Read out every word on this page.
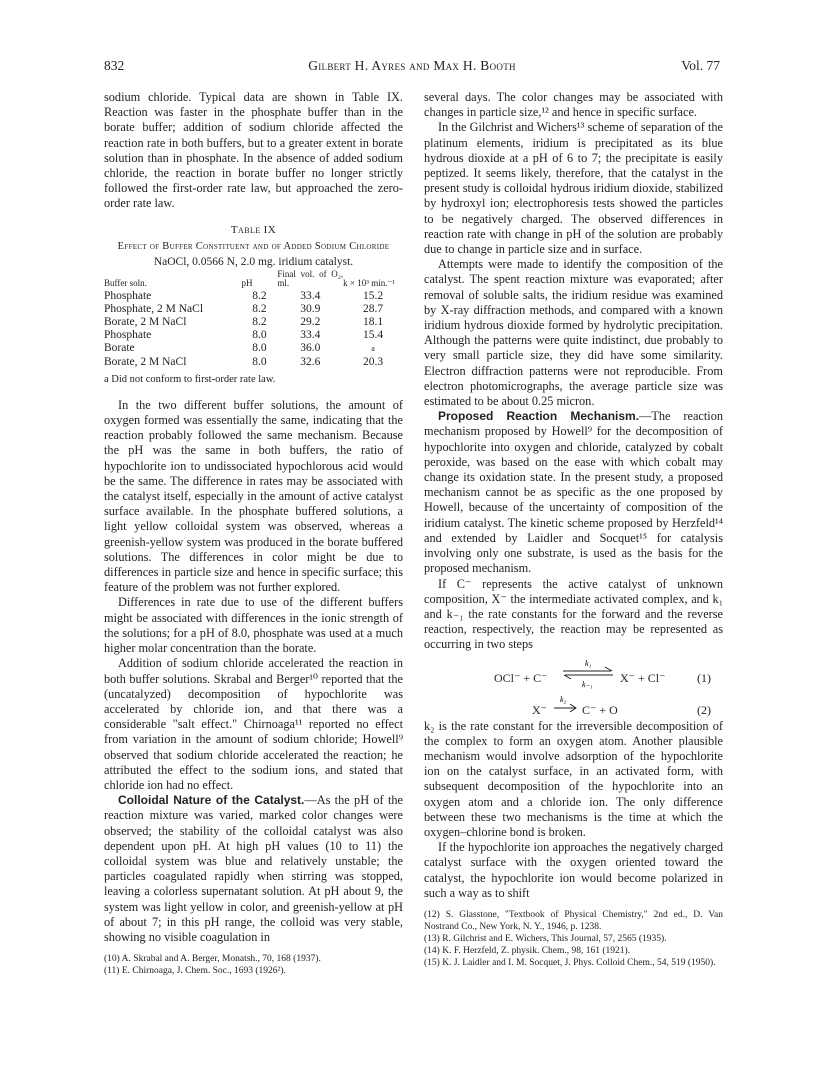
832	Gilbert H. Ayres and Max H. Booth	Vol. 77

sodium chloride. Typical data are shown in Table IX. Reaction was faster in the phosphate buffer than in the borate buffer; addition of sodium chloride affected the reaction rate in both buffers, but to a greater extent in borate solution than in phosphate. In the absence of added sodium chloride, the reaction in borate buffer no longer strictly followed the first-order rate law, but approached the zero-order rate law.

Table IX
Effect of Buffer Constituent and of Added Sodium Chloride
NaOCl, 0.0566 N, 2.0 mg. iridium catalyst.
Buffer soln.	pH	Final vol. of O₂, ml.	k × 10³ min.⁻¹
Phosphate	8.2	33.4	15.2
Phosphate, 2 M NaCl	8.2	30.9	28.7
Borate, 2 M NaCl	8.2	29.2	18.1
Phosphate	8.0	33.4	15.4
Borate	8.0	36.0	a
Borate, 2 M NaCl	8.0	32.6	20.3
a Did not conform to first-order rate law.

In the two different buffer solutions, the amount of oxygen formed was essentially the same, indicating that the reaction probably followed the same mechanism. Because the pH was the same in both buffers, the ratio of hypochlorite ion to undissociated hypochlorous acid would be the same. The difference in rates may be associated with the catalyst itself, especially in the amount of active catalyst surface available. In the phosphate buffered solutions, a light yellow colloidal system was observed, whereas a greenish-yellow system was produced in the borate buffered solutions. The differences in color might be due to differences in particle size and hence in specific surface; this feature of the problem was not further explored.

Differences in rate due to use of the different buffers might be associated with differences in the ionic strength of the solutions; for a pH of 8.0, phosphate was used at a much higher molar concentration than the borate.

Addition of sodium chloride accelerated the reaction in both buffer solutions. Skrabal and Berger¹⁰ reported that the (uncatalyzed) decomposition of hypochlorite was accelerated by chloride ion, and that there was a considerable "salt effect." Chirnoaga¹¹ reported no effect from variation in the amount of sodium chloride; Howell⁹ observed that sodium chloride accelerated the reaction; he attributed the effect to the sodium ions, and stated that chloride ion had no effect.

Colloidal Nature of the Catalyst.—As the pH of the reaction mixture was varied, marked color changes were observed; the stability of the colloidal catalyst was also dependent upon pH. At high pH values (10 to 11) the colloidal system was blue and relatively unstable; the particles coagulated rapidly when stirring was stopped, leaving a colorless supernatant solution. At pH about 9, the system was light yellow in color, and greenish-yellow at pH of about 7; in this pH range, the colloid was very stable, showing no visible coagulation in

(10) A. Skrabal and A. Berger, Monatsh., 70, 168 (1937).
(11) E. Chirnoaga, J. Chem. Soc., 1693 (1926²).

several days. The color changes may be associated with changes in particle size,¹² and hence in specific surface.

In the Gilchrist and Wichers¹³ scheme of separation of the platinum elements, iridium is precipitated as its blue hydrous dioxide at a pH of 6 to 7; the precipitate is easily peptized. It seems likely, therefore, that the catalyst in the present study is colloidal hydrous iridium dioxide, stabilized by hydroxyl ion; electrophoresis tests showed the particles to be negatively charged. The observed differences in reaction rate with change in pH of the solution are probably due to change in particle size and in surface.

Attempts were made to identify the composition of the catalyst. The spent reaction mixture was evaporated; after removal of soluble salts, the iridium residue was examined by X-ray diffraction methods, and compared with a known iridium hydrous dioxide formed by hydrolytic precipitation. Although the patterns were quite indistinct, due probably to very small particle size, they did have some similarity. Electron diffraction patterns were not reproducible. From electron photomicrographs, the average particle size was estimated to be about 0.25 micron.

Proposed Reaction Mechanism.—The reaction mechanism proposed by Howell⁹ for the decomposition of hypochlorite into oxygen and chloride, catalyzed by cobalt peroxide, was based on the ease with which cobalt may change its oxidation state. In the present study, a proposed mechanism cannot be as specific as the one proposed by Howell, because of the uncertainty of composition of the iridium catalyst. The kinetic scheme proposed by Herzfeld¹⁴ and extended by Laidler and Socquet¹⁵ for catalysis involving only one substrate, is used as the basis for the proposed mechanism.

If C⁻ represents the active catalyst of unknown composition, X⁻ the intermediate activated complex, and k₁ and k₋₁ the rate constants for the forward and the reverse reaction, respectively, the reaction may be represented as occurring in two steps

OCl⁻ + C⁻
k₁
k₋₁ X⁻ + Cl⁻	(1)
X⁻
k₂
C⁻ + O	(2)

k₂ is the rate constant for the irreversible decomposition of the complex to form an oxygen atom. Another plausible mechanism would involve adsorption of the hypochlorite ion on the catalyst surface, in an activated form, with subsequent decomposition of the hypochlorite into an oxygen atom and a chloride ion. The only difference between these two mechanisms is the time at which the oxygen–chlorine bond is broken.

If the hypochlorite ion approaches the negatively charged catalyst surface with the oxygen oriented toward the catalyst, the hypochlorite ion would become polarized in such a way as to shift

(12) S. Glasstone, "Textbook of Physical Chemistry," 2nd ed., D. Van Nostrand Co., New York, N. Y., 1946, p. 1238.
(13) R. Gilchrist and E. Wichers, This Journal, 57, 2565 (1935).
(14) K. F. Herzfeld, Z. physik. Chem., 98, 161 (1921).
(15) K. J. Laidler and I. M. Socquet, J. Phys. Colloid Chem., 54, 519 (1950).
